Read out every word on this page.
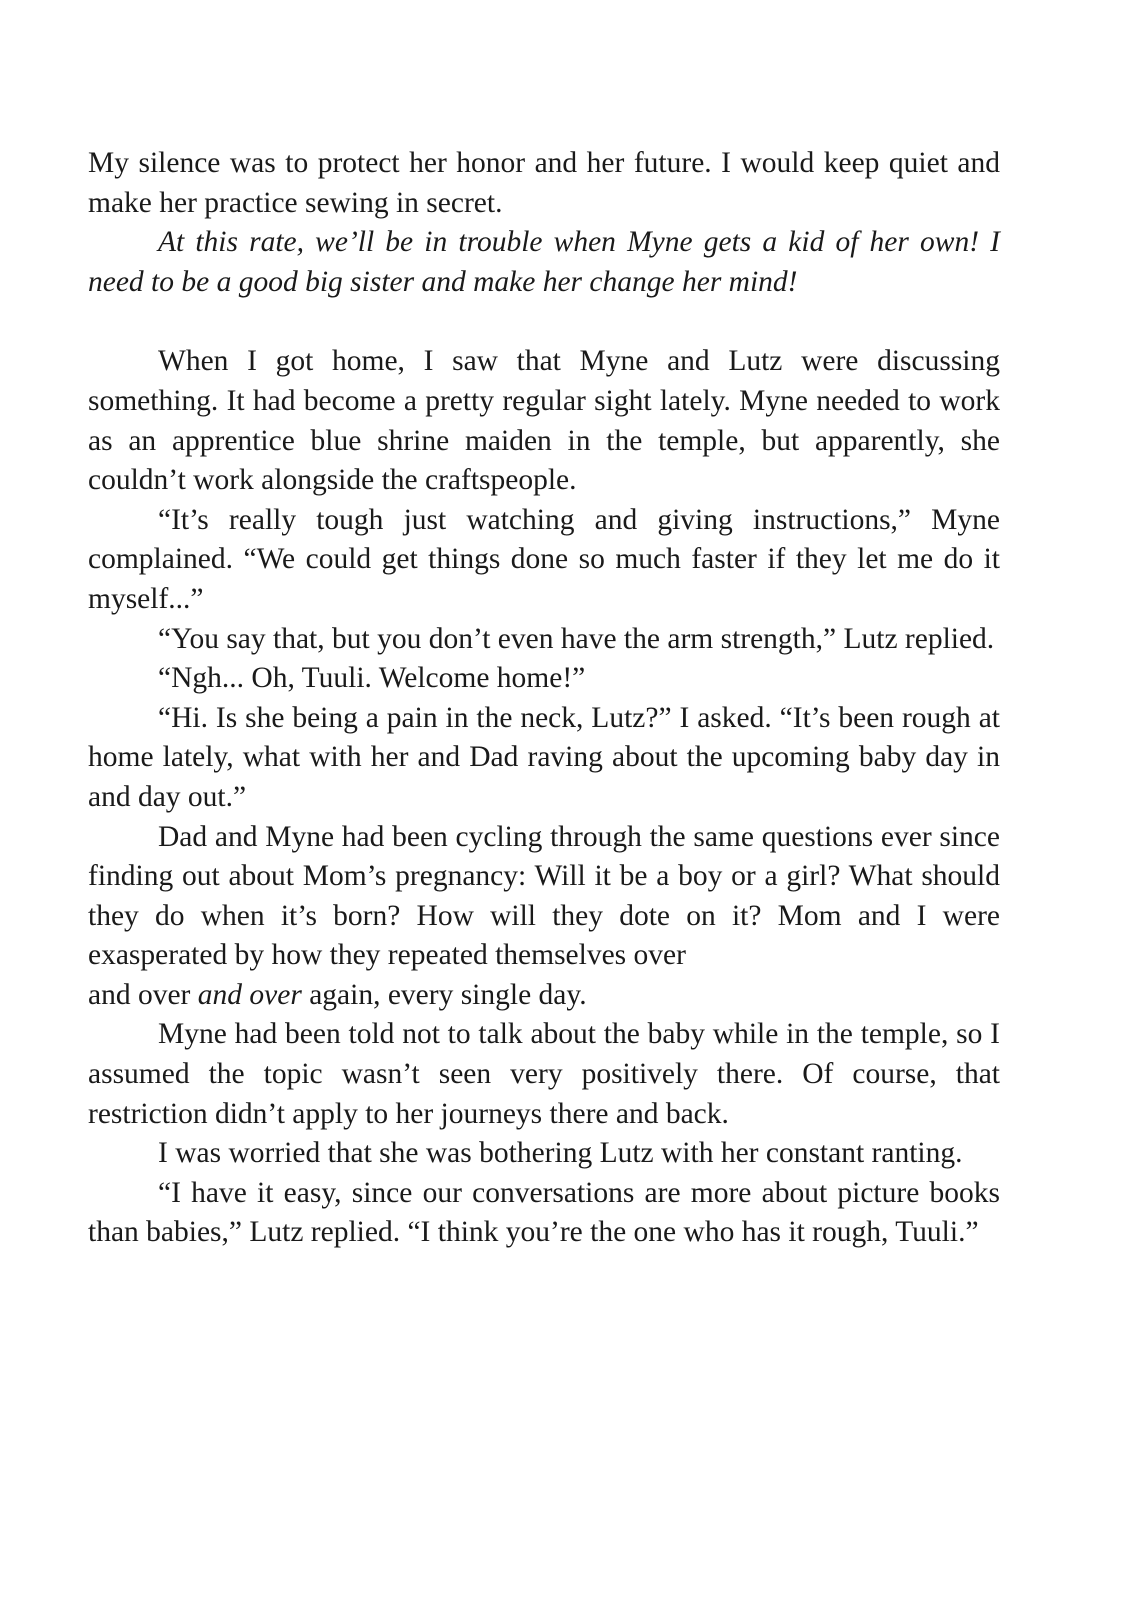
My silence was to protect her honor and her future. I would keep quiet and make her practice sewing in secret.

At this rate, we’ll be in trouble when Myne gets a kid of her own! I need to be a good big sister and make her change her mind!

When I got home, I saw that Myne and Lutz were discussing something. It had become a pretty regular sight lately. Myne needed to work as an apprentice blue shrine maiden in the temple, but apparently, she couldn’t work alongside the craftspeople.

“It’s really tough just watching and giving instructions,” Myne complained. “We could get things done so much faster if they let me do it myself...”

“You say that, but you don’t even have the arm strength,” Lutz replied.

“Ngh... Oh, Tuuli. Welcome home!”

“Hi. Is she being a pain in the neck, Lutz?” I asked. “It’s been rough at home lately, what with her and Dad raving about the upcoming baby day in and day out.”

Dad and Myne had been cycling through the same questions ever since finding out about Mom’s pregnancy: Will it be a boy or a girl? What should they do when it’s born? How will they dote on it? Mom and I were exasperated by how they repeated themselves over

and over and over again, every single day.

Myne had been told not to talk about the baby while in the temple, so I assumed the topic wasn’t seen very positively there. Of course, that restriction didn’t apply to her journeys there and back.

I was worried that she was bothering Lutz with her constant ranting.

“I have it easy, since our conversations are more about picture books than babies,” Lutz replied. “I think you’re the one who has it rough, Tuuli.”
